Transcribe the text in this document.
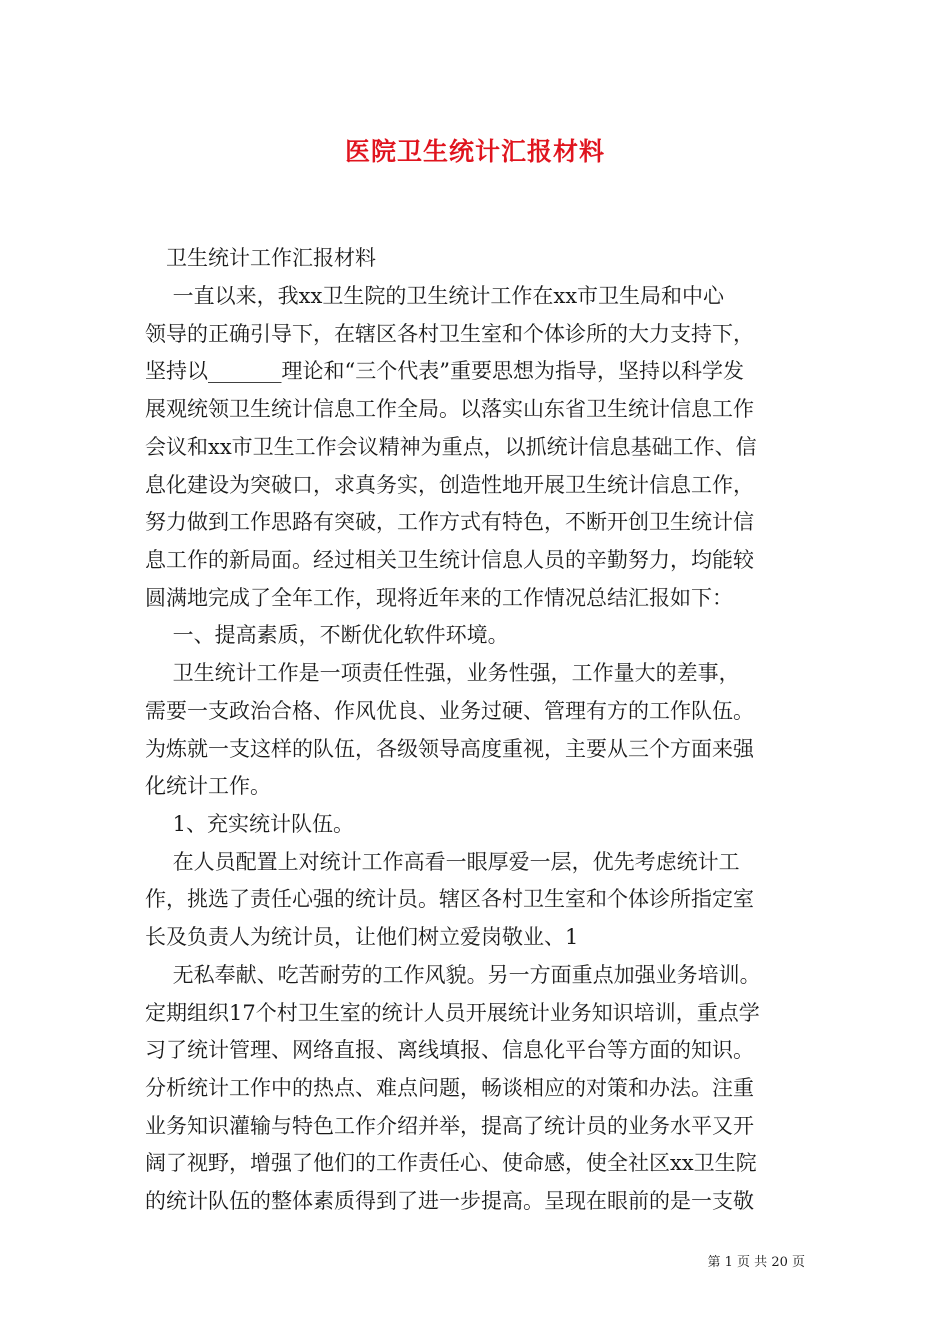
医院卫生统计汇报材料

　卫生统计工作汇报材料

　 一直以来，我xx卫生院的卫生统计工作在xx市卫生局和中心

领导的正确引导下，在辖区各村卫生室和个体诊所的大力支持下，

坚持以_______理论和“三个代表”重要思想为指导，坚持以科学发

展观统领卫生统计信息工作全局。以落实山东省卫生统计信息工作

会议和xx市卫生工作会议精神为重点，以抓统计信息基础工作、信

息化建设为突破口，求真务实，创造性地开展卫生统计信息工作，

努力做到工作思路有突破，工作方式有特色，不断开创卫生统计信

息工作的新局面。经过相关卫生统计信息人员的辛勤努力，均能较

圆满地完成了全年工作，现将近年来的工作情况总结汇报如下：

　 一、提高素质，不断优化软件环境。

　 卫生统计工作是一项责任性强，业务性强，工作量大的差事，

需要一支政治合格、作风优良、业务过硬、管理有方的工作队伍。

为炼就一支这样的队伍，各级领导高度重视，主要从三个方面来强

化统计工作。

　 1、充实统计队伍。

　 在人员配置上对统计工作高看一眼厚爱一层，优先考虑统计工

作，挑选了责任心强的统计员。辖区各村卫生室和个体诊所指定室

长及负责人为统计员，让他们树立爱岗敬业、1

　 无私奉献、吃苦耐劳的工作风貌。另一方面重点加强业务培训。

定期组织17个村卫生室的统计人员开展统计业务知识培训，重点学

习了统计管理、网络直报、离线填报、信息化平台等方面的知识。

分析统计工作中的热点、难点问题，畅谈相应的对策和办法。注重

业务知识灌输与特色工作介绍并举，提高了统计员的业务水平又开

阔了视野，增强了他们的工作责任心、使命感，使全社区xx卫生院

的统计队伍的整体素质得到了进一步提高。呈现在眼前的是一支敬

第 1 页 共 20 页
